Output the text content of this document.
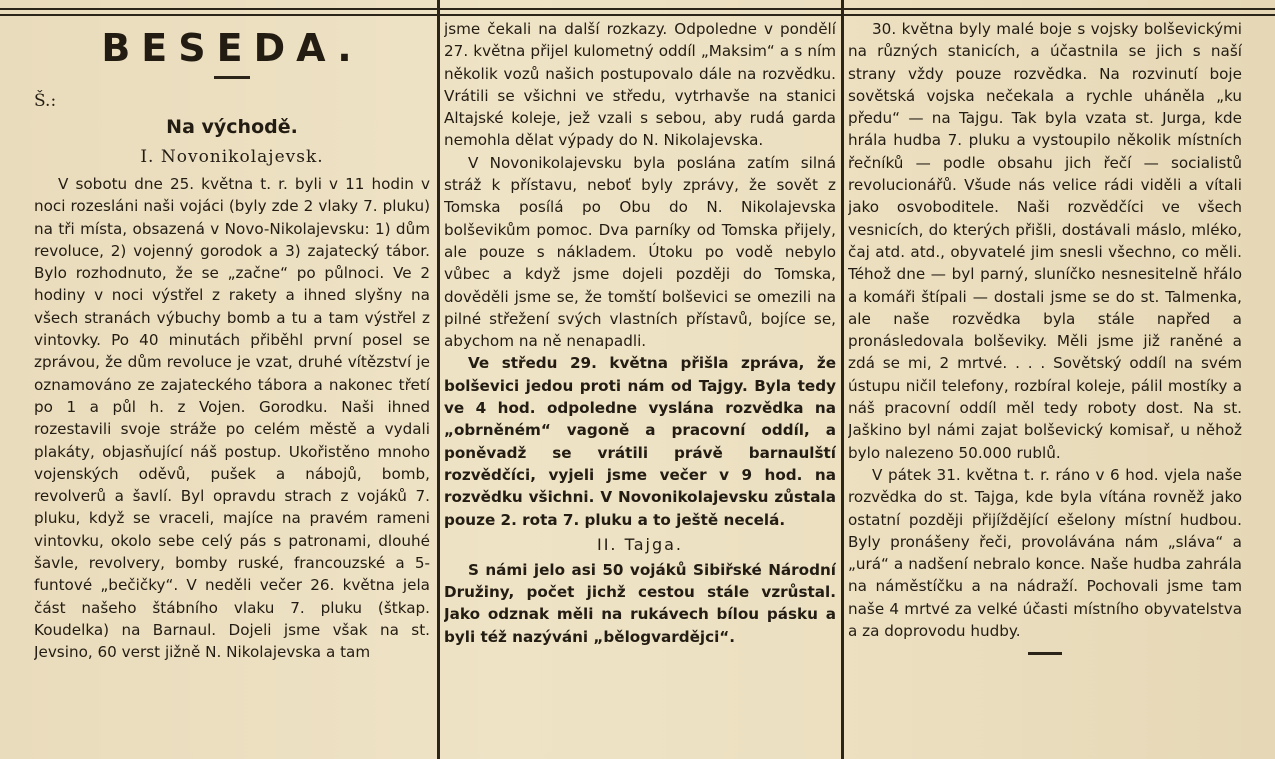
BESEDA.

Š.:

Na východě.

I. Novonikolajevsk.

V sobotu dne 25. května t. r. byli v 11 hodin v noci rozesláni naši vojáci (byly zde 2 vlaky 7. pluku) na tři místa, obsazená v Novo-Nikolajevsku: 1) dům revoluce, 2) vojenný gorodok a 3) zajatecký tábor. Bylo rozhodnuto, že se „začne“ po půlnoci. Ve 2 hodiny v noci výstřel z rakety a ihned slyšny na všech stranách výbuchy bomb a tu a tam výstřel z vintovky. Po 40 minutách přiběhl první posel se zprávou, že dům revoluce je vzat, druhé vítězství je oznamováno ze zajateckého tábora a nakonec třetí po 1 a půl h. z Vojen. Gorodku. Naši ihned rozestavili svoje stráže po celém městě a vydali plakáty, objasňující náš postup. Ukořistěno mnoho vojenských oděvů, pušek a nábojů, bomb, revolverů a šavlí. Byl opravdu strach z vojáků 7. pluku, když se vraceli, majíce na pravém rameni vintovku, okolo sebe celý pás s patronami, dlouhé šavle, revolvery, bomby ruské, francouzské a 5-funtové „bečičky“. V neděli večer 26. května jela část našeho štábního vlaku 7. pluku (štkap. Koudelka) na Barnaul. Dojeli jsme však na st. Jevsino, 60 verst jižně N. Nikolajevska a tam

jsme čekali na další rozkazy. Odpoledne v pondělí 27. května přijel kulometný oddíl „Maksim“ a s ním několik vozů našich postupovalo dále na rozvědku. Vrátili se všichni ve středu, vytrhavše na stanici Altajské koleje, jež vzali s sebou, aby rudá garda nemohla dělat výpady do N. Nikolajevska.

V Novonikolajevsku byla poslána zatím silná stráž k přístavu, neboť byly zprávy, že sovět z Tomska posílá po Obu do N. Nikolajevska bolševikům pomoc. Dva parníky od Tomska přijely, ale pouze s nákladem. Útoku po vodě nebylo vůbec a když jsme dojeli později do Tomska, dověděli jsme se, že tomští bolševici se omezili na pilné střežení svých vlastních přístavů, bojíce se, abychom na ně nenapadli.

Ve středu 29. května přišla zpráva, že bolševici jedou proti nám od Tajgy. Byla tedy ve 4 hod. odpoledne vyslána rozvědka na „obrněném“ vagoně a pracovní oddíl, a poněvadž se vrátili právě barnaulští rozvědčíci, vyjeli jsme večer v 9 hod. na rozvědku všichni. V Novonikolajevsku zůstala pouze 2. rota 7. pluku a to ještě necelá.

II. Tajga.

S námi jelo asi 50 vojáků Sibiřské Národní Družiny, počet jichž cestou stále vzrůstal. Jako odznak měli na rukávech bílou pásku a byli též nazýváni „bělogvardějci“.

30. května byly malé boje s vojsky bolševickými na různých stanicích, a účastnila se jich s naší strany vždy pouze rozvědka. Na rozvinutí boje sovětská vojska nečekala a rychle uháněla „ku předu“ — na Tajgu. Tak byla vzata st. Jurga, kde hrála hudba 7. pluku a vystoupilo několik místních řečníků — podle obsahu jich řečí — socialistů revolucionářů. Všude nás velice rádi viděli a vítali jako osvoboditele. Naši rozvědčíci ve všech vesnicích, do kterých přišli, dostávali máslo, mléko, čaj atd. atd., obyvatelé jim snesli všechno, co měli. Téhož dne — byl parný, sluníčko nesnesitelně hřálo a komáři štípali — dostali jsme se do st. Talmenka, ale naše rozvědka byla stále napřed a pronásledovala bolševiky. Měli jsme již raněné a zdá se mi, 2 mrtvé. . . . Sovětský oddíl na svém ústupu ničil telefony, rozbíral koleje, pálil mostíky a náš pracovní oddíl měl tedy roboty dost. Na st. Jaškino byl námi zajat bolševický komisař, u něhož bylo nalezeno 50.000 rublů.

V pátek 31. května t. r. ráno v 6 hod. vjela naše rozvědka do st. Tajga, kde byla vítána rovněž jako ostatní později přijíždějící ešelony místní hudbou. Byly pronášeny řeči, provolávána nám „sláva“ a „urá“ a nadšení nebralo konce. Naše hudba zahrála na náměstíčku a na nádraží. Pochovali jsme tam naše 4 mrtvé za velké účasti místního obyvatelstva a za doprovodu hudby.
